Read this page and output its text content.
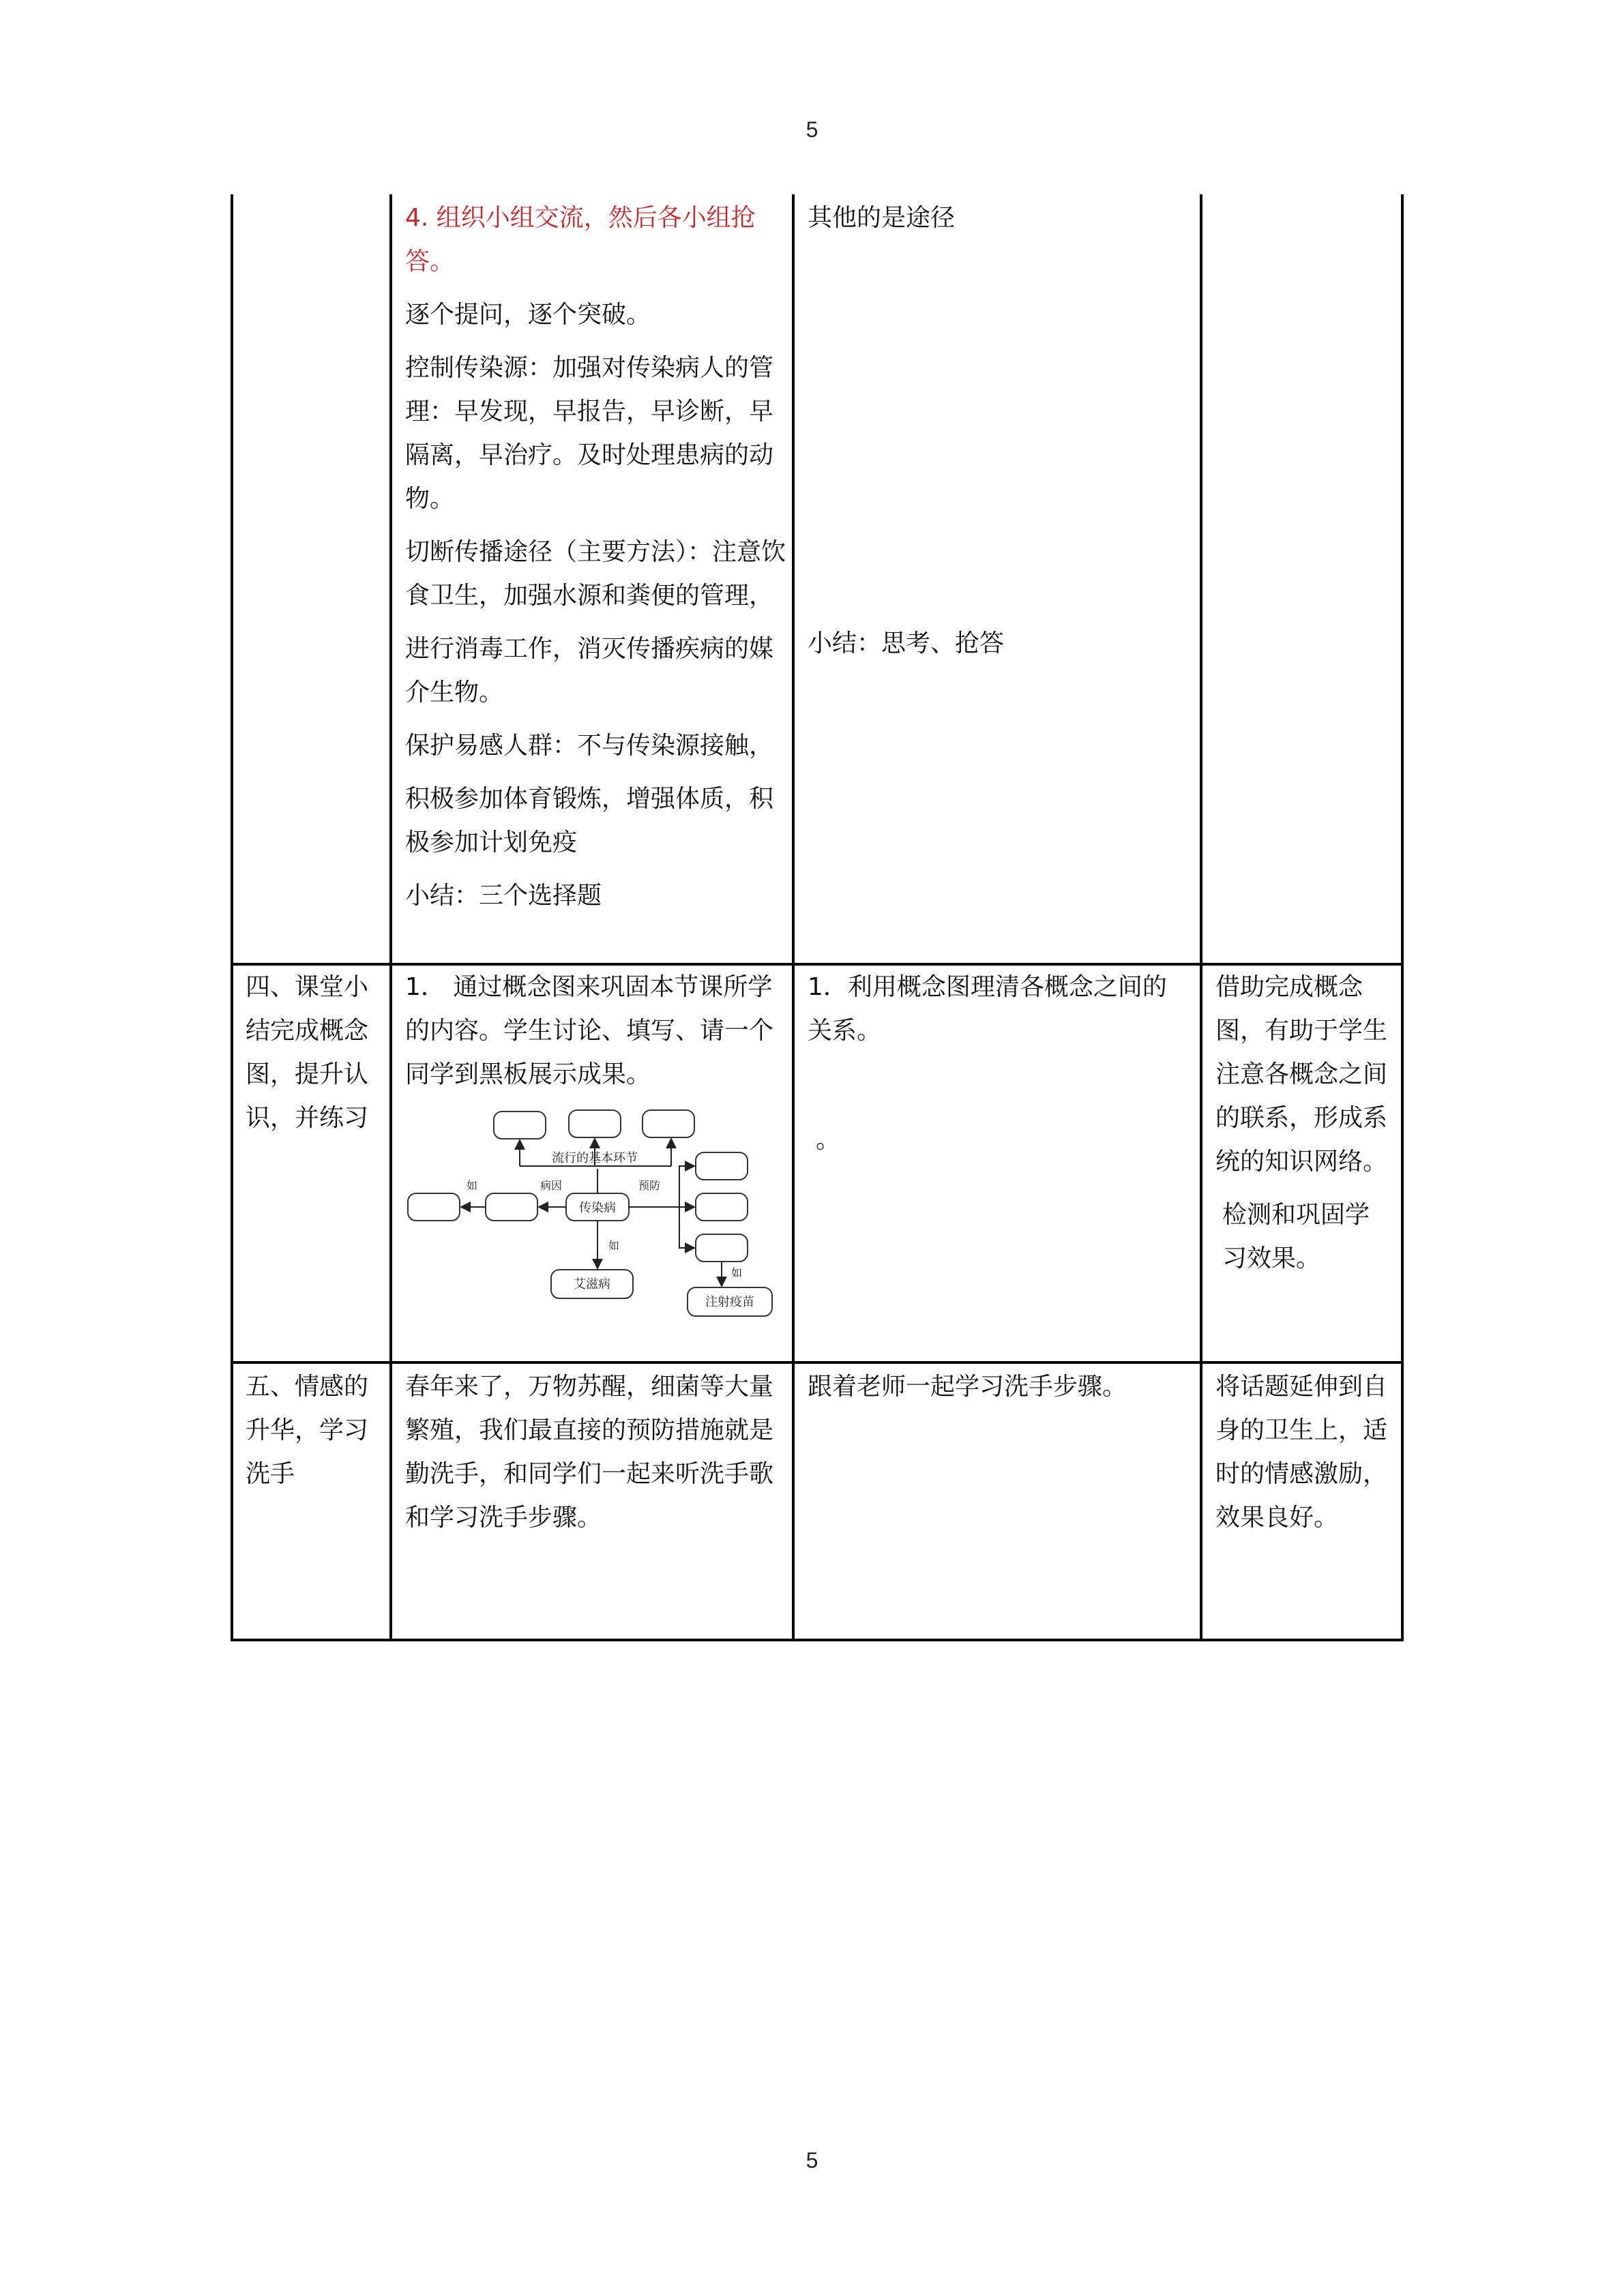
5

4. 组织小组交流，然后各小组抢答。

逐个提问，逐个突破。

控制传染源：加强对传染病人的管理：早发现，早报告，早诊断，早隔离，早治疗。及时处理患病的动物。

切断传播途径（主要方法）：注意饮食卫生，加强水源和粪便的管理，

进行消毒工作，消灭传播疾病的媒介生物。

保护易感人群：不与传染源接触，

积极参加体育锻炼，增强体质，积极参加计划免疫

小结：三个选择题

其他的是途径

小结：思考、抢答
四、课堂小结完成概念图，提升认识，并练习
1． 通过概念图来巩固本节课所学的内容。学生讨论、填写、请一个同学到黑板展示成果。
传染病
流行的基本环节
病因	预防
如
如
如
艾滋病
注射疫苗
1．利用概念图理清各概念之间的关系。
。

借助完成概念图，有助于学生注意各概念之间的联系，形成系统的知识网络。

检测和巩固学习效果。

五、情感的升华，学习洗手
春年来了，万物苏醒，细菌等大量繁殖，我们最直接的预防措施就是勤洗手，和同学们一起来听洗手歌和学习洗手步骤。
跟着老师一起学习洗手步骤。	将话题延伸到自身的卫生上，适时的情感激励，效果良好。
5
